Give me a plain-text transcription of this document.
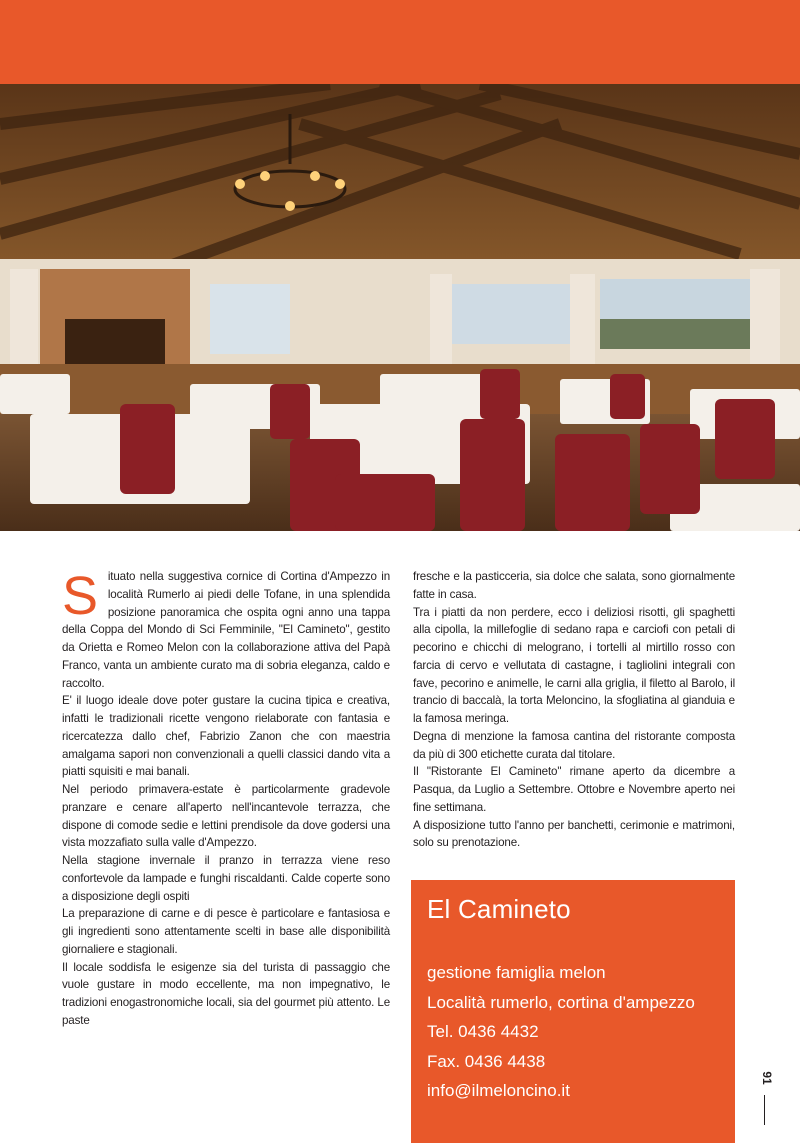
S ituato nella suggestiva cornice di Cortina d'Ampezzo in località Rumerlo ai piedi delle Tofane, in una splendida posizione panoramica che ospita ogni anno una tappa della Coppa del Mondo di Sci Femminile, "El Camineto", gestito da Orietta e Romeo Melon con la collaborazione attiva del Papà Franco, vanta un ambiente curato ma di sobria eleganza, caldo e raccolto.

E' il luogo ideale dove poter gustare la cucina tipica e creativa, infatti le tradizionali ricette vengono rielaborate con fantasia e ricercatezza dallo chef, Fabrizio Zanon che con maestria amalgama sapori non convenzionali a quelli classici dando vita a piatti squisiti e mai banali.

Nel periodo primavera-estate è particolarmente gradevole pranzare e cenare all'aperto nell'incantevole terrazza, che dispone di comode sedie e lettini prendisole da dove godersi una vista mozzafiato sulla valle d'Ampezzo.

Nella stagione invernale il pranzo in terrazza viene reso confortevole da lampade e funghi riscaldanti. Calde coperte sono a disposizione degli ospiti

La preparazione di carne e di pesce è particolare e fantasiosa e gli ingredienti sono attentamente scelti in base alle disponibilità giornaliere e stagionali.

Il locale soddisfa le esigenze sia del turista di passaggio che vuole gustare in modo eccellente, ma non impegnativo, le tradizioni enogastronomiche locali, sia del gourmet più attento. Le paste

fresche e la pasticceria, sia dolce che salata, sono giornalmente fatte in casa.

Tra i piatti da non perdere, ecco i deliziosi risotti, gli spaghetti alla cipolla, la millefoglie di sedano rapa e carciofi con petali di pecorino e chicchi di melograno, i tortelli al mirtillo rosso con farcia di cervo e vellutata di castagne, i tagliolini integrali con fave, pecorino e animelle, le carni alla griglia, il filetto al Barolo, il trancio di baccalà, la torta Meloncino, la sfogliatina al gianduia e la famosa meringa.

Degna di menzione la famosa cantina del ristorante composta da più di 300 etichette curata dal titolare.

Il "Ristorante El Camineto" rimane aperto da dicembre a Pasqua, da Luglio a Settembre. Ottobre e Novembre aperto nei fine settimana.

A disposizione tutto l'anno per banchetti, cerimonie e matrimoni, solo su prenotazione.

El Camineto
gestione famiglia melon
Località rumerlo, cortina d'ampezzo
Tel. 0436 4432
Fax. 0436 4438
info@ilmeloncino.it
91
